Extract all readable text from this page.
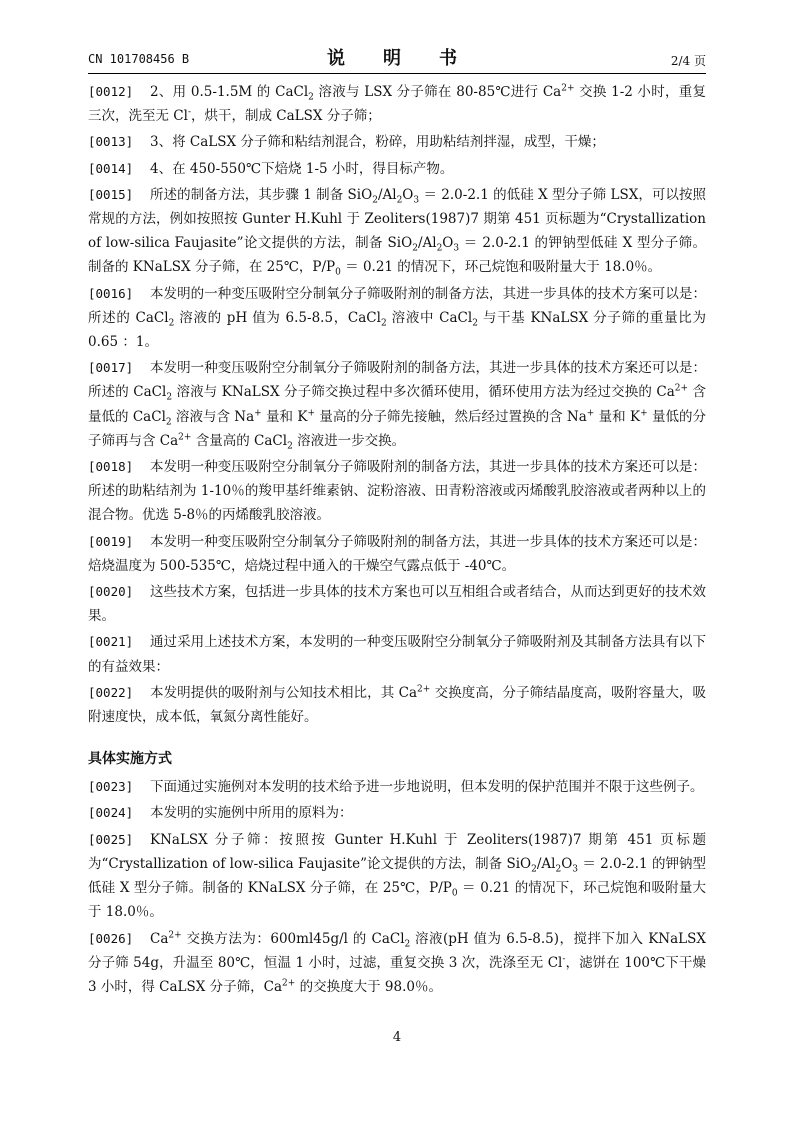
CN 101708456 B	说　明　书	2/4 页
[0012]	2、用 0.5-1.5M 的 CaCl$_2$ 溶液与 LSX 分子筛在 80-85℃进行 $Ca^{2+}$ 交换 1-2 小时，重复三次，洗至无 Cl-，烘干，制成 CaLSX 分子筛；
[0013]	3、将 CaLSX 分子筛和粘结剂混合，粉碎，用助粘结剂拌湿，成型，干燥；
[0014]	4、在 450-550℃下焙烧 1-5 小时，得目标产物。
[0015]	所述的制备方法，其步骤 1 制备 $SiO_2/Al_2O_3 = 2.0-2.1$ 的低硅 X 型分子筛 LSX，可以按照常规的方法，例如按照按 Gunter H.Kuhl 于 Zeoliters(1987)7 期第 451 页标题为“Crystallization of low-silica Faujasite”论文提供的方法，制备 $SiO_2/Al_2O_3 = 2.0-2.1$ 的钾钠型低硅 X 型分子筛。制备的 KNaLSX 分子筛，在 25℃，$P/P_0 = 0.21$ 的情况下，环己烷饱和吸附量大于 18.0％。
[0016]	本发明的一种变压吸附空分制氧分子筛吸附剂的制备方法，其进一步具体的技术方案可以是：所述的 CaCl$_2$ 溶液的 pH 值为 6.5-8.5，CaCl$_2$ 溶液中 CaCl$_2$ 与干基 KNaLSX 分子筛的重量比为 0.65 ：1。
[0017]	本发明一种变压吸附空分制氧分子筛吸附剂的制备方法，其进一步具体的技术方案还可以是：所述的 CaCl$_2$ 溶液与 KNaLSX 分子筛交换过程中多次循环使用，循环使用方法为经过交换的 $Ca^{2+}$ 含量低的 CaCl$_2$ 溶液与含 Na+ 量和 K+ 量高的分子筛先接触，然后经过置换的含 Na+ 量和 K+ 量低的分子筛再与含 $Ca^{2+}$ 含量高的 CaCl$_2$ 溶液进一步交换。
[0018]	本发明一种变压吸附空分制氧分子筛吸附剂的制备方法，其进一步具体的技术方案还可以是：所述的助粘结剂为 1-10％的羧甲基纤维素钠、淀粉溶液、田青粉溶液或丙烯酸乳胶溶液或者两种以上的混合物。优选 5-8％的丙烯酸乳胶溶液。
[0019]	本发明一种变压吸附空分制氧分子筛吸附剂的制备方法，其进一步具体的技术方案还可以是：焙烧温度为 500-535℃，焙烧过程中通入的干燥空气露点低于 -40℃。
[0020]	这些技术方案，包括进一步具体的技术方案也可以互相组合或者结合，从而达到更好的技术效果。
[0021]	通过采用上述技术方案，本发明的一种变压吸附空分制氧分子筛吸附剂及其制备方法具有以下的有益效果：
[0022]	本发明提供的吸附剂与公知技术相比，其 $Ca^{2+}$ 交换度高，分子筛结晶度高，吸附容量大，吸附速度快，成本低，氧氮分离性能好。
具体实施方式
[0023]	下面通过实施例对本发明的技术给予进一步地说明，但本发明的保护范围并不限于这些例子。
[0024]	本发明的实施例中所用的原料为：
[0025]	KNaLSX 分子筛：按照按 Gunter H.Kuhl 于 Zeoliters(1987)7 期第 451 页标题为“Crystallization of low-silica Faujasite”论文提供的方法，制备 $SiO_2/Al_2O_3 = 2.0-2.1$ 的钾钠型低硅 X 型分子筛。制备的 KNaLSX 分子筛，在 25℃，$P/P_0 = 0.21$ 的情况下，环己烷饱和吸附量大于 18.0％。
[0026]	$Ca^{2+}$ 交换方法为：600ml45g/l 的 CaCl$_2$ 溶液(pH 值为 6.5-8.5)，搅拌下加入 KNaLSX 分子筛 54g，升温至 80℃，恒温 1 小时，过滤，重复交换 3 次，洗涤至无 Cl-，滤饼在 100℃下干燥 3 小时，得 CaLSX 分子筛，$Ca^{2+}$ 的交换度大于 98.0％。
4
